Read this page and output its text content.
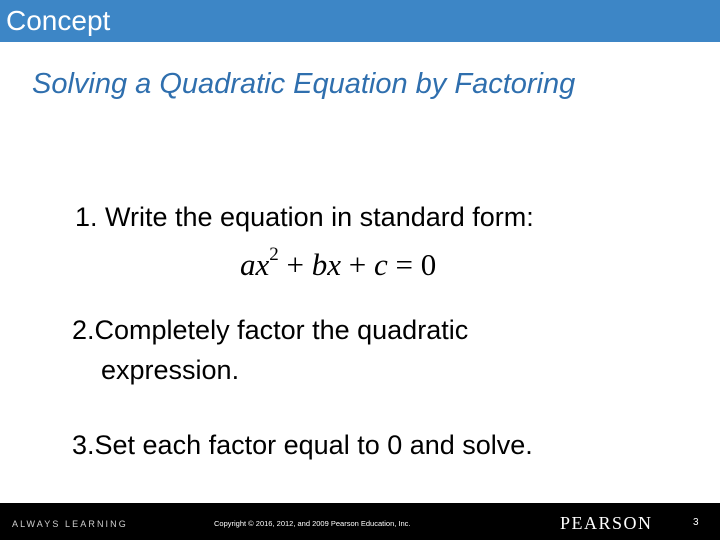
Concept
Solving a Quadratic Equation by Factoring
1. Write the equation in standard form:
$ax^2$ + bx + c = 0
2.Completely factor the quadratic
expression.
3.Set each factor equal to 0 and solve.
ALWAYS LEARNING	Copyright © 2016, 2012, and 2009 Pearson Education, Inc.	PEARSON	3
